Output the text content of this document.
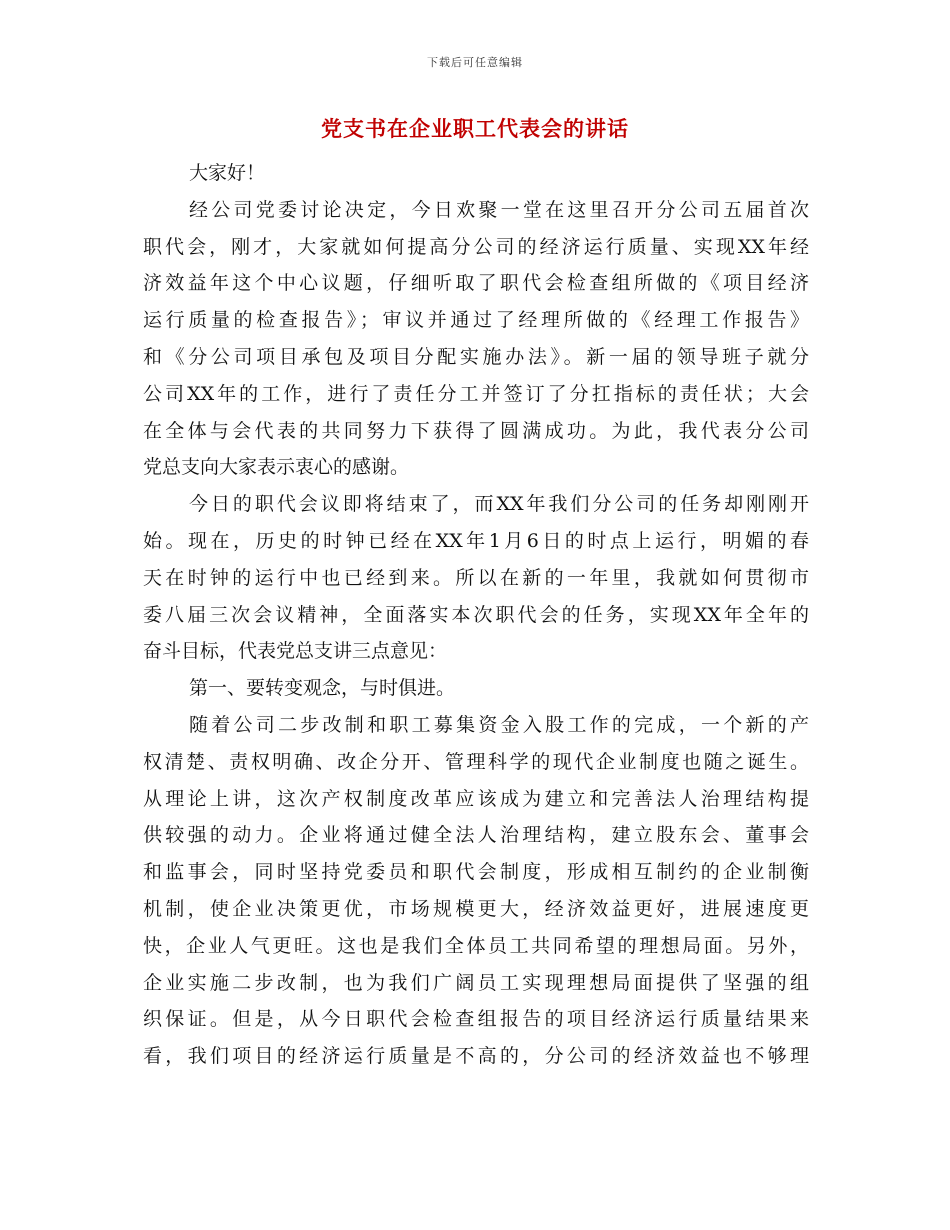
下载后可任意编辑
党支书在企业职工代表会的讲话
大家好！
经公司党委讨论决定，今日欢聚一堂在这里召开分公司五届首次
职代会，刚才，大家就如何提高分公司的经济运行质量、实现XX年经
济效益年这个中心议题，仔细听取了职代会检查组所做的《项目经济
运行质量的检查报告》；审议并通过了经理所做的《经理工作报告》
和《分公司项目承包及项目分配实施办法》。新一届的领导班子就分
公司XX年的工作，进行了责任分工并签订了分扛指标的责任状；大会
在全体与会代表的共同努力下获得了圆满成功。为此，我代表分公司
党总支向大家表示衷心的感谢。
今日的职代会议即将结束了，而XX年我们分公司的任务却刚刚开
始。现在，历史的时钟已经在XX年1月6日的时点上运行，明媚的春
天在时钟的运行中也已经到来。所以在新的一年里，我就如何贯彻市
委八届三次会议精神，全面落实本次职代会的任务，实现XX年全年的
奋斗目标，代表党总支讲三点意见：
第一、要转变观念，与时俱进。
随着公司二步改制和职工募集资金入股工作的完成，一个新的产
权清楚、责权明确、改企分开、管理科学的现代企业制度也随之诞生。
从理论上讲，这次产权制度改革应该成为建立和完善法人治理结构提
供较强的动力。企业将通过健全法人治理结构，建立股东会、董事会
和监事会，同时坚持党委员和职代会制度，形成相互制约的企业制衡
机制，使企业决策更优，市场规模更大，经济效益更好，进展速度更
快，企业人气更旺。这也是我们全体员工共同希望的理想局面。另外，
企业实施二步改制，也为我们广阔员工实现理想局面提供了坚强的组
织保证。但是，从今日职代会检查组报告的项目经济运行质量结果来
看，我们项目的经济运行质量是不高的，分公司的经济效益也不够理
